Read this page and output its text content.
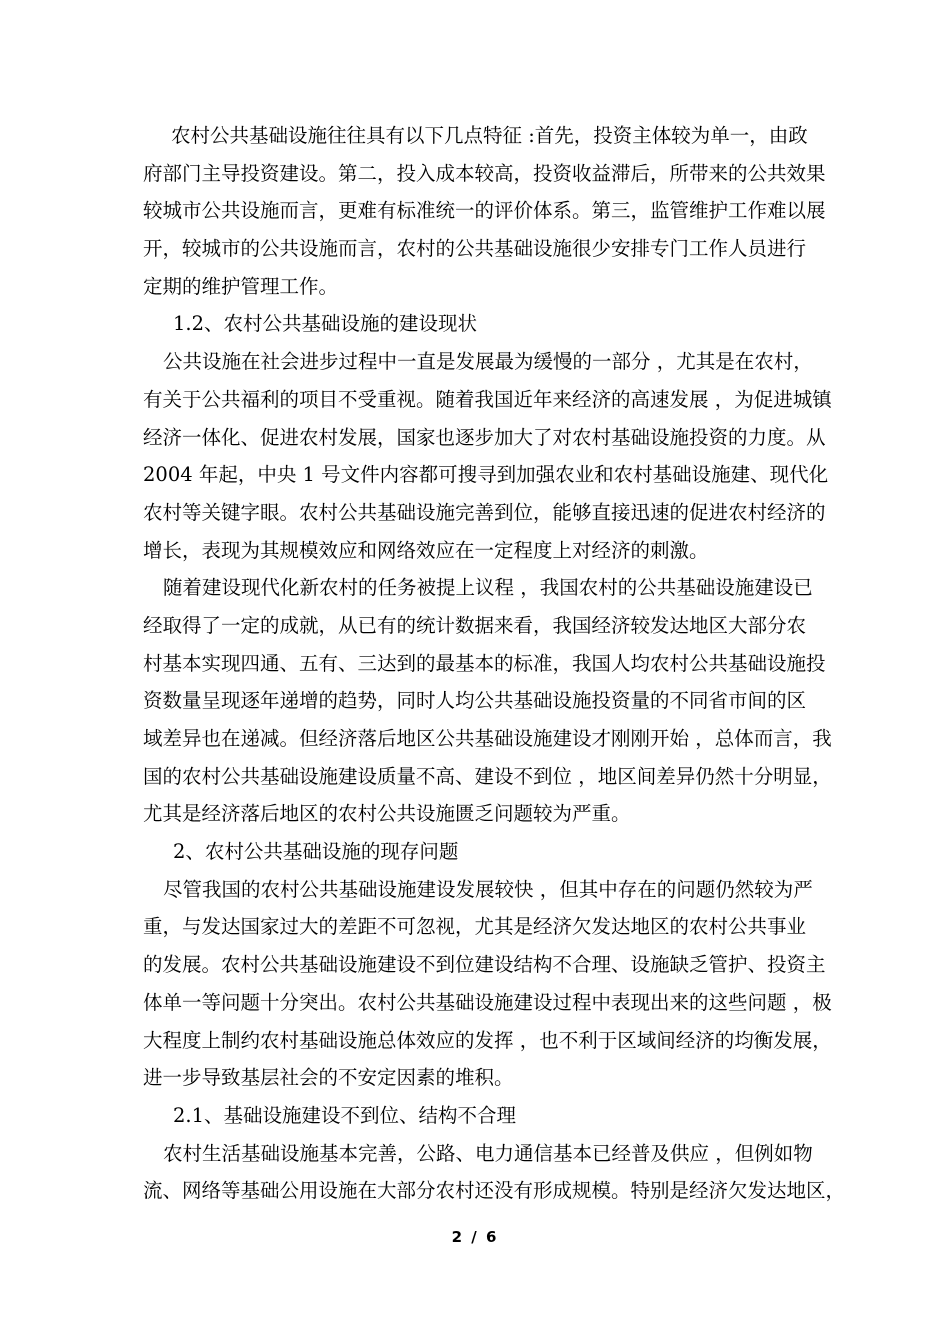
农村公共基础设施往往具有以下几点特征 :首先，投资主体较为单一，由政
府部门主导投资建设。第二，投入成本较高，投资收益滞后，所带来的公共效果
较城市公共设施而言，更难有标准统一的评价体系。第三，监管维护工作难以展
开，较城市的公共设施而言，农村的公共基础设施很少安排专门工作人员进行
定期的维护管理工作。
1.2、农村公共基础设施的建设现状
公共设施在社会进步过程中一直是发展最为缓慢的一部分 ，尤其是在农村，
有关于公共福利的项目不受重视。随着我国近年来经济的高速发展 ，为促进城镇
经济一体化、促进农村发展，国家也逐步加大了对农村基础设施投资的力度。从
2004 年起，中央 1 号文件内容都可搜寻到加强农业和农村基础设施建、现代化
农村等关键字眼。农村公共基础设施完善到位，能够直接迅速的促进农村经济的
增长，表现为其规模效应和网络效应在一定程度上对经济的刺激。
随着建设现代化新农村的任务被提上议程 ，我国农村的公共基础设施建设已
经取得了一定的成就，从已有的统计数据来看，我国经济较发达地区大部分农
村基本实现四通、五有、三达到的最基本的标准，我国人均农村公共基础设施投
资数量呈现逐年递增的趋势，同时人均公共基础设施投资量的不同省市间的区
域差异也在递减。但经济落后地区公共基础设施建设才刚刚开始 ，总体而言，我
国的农村公共基础设施建设质量不高、建设不到位 ，地区间差异仍然十分明显，
尤其是经济落后地区的农村公共设施匮乏问题较为严重。
2、农村公共基础设施的现存问题
尽管我国的农村公共基础设施建设发展较快 ，但其中存在的问题仍然较为严
重，与发达国家过大的差距不可忽视，尤其是经济欠发达地区的农村公共事业
的发展。农村公共基础设施建设不到位建设结构不合理、设施缺乏管护、投资主
体单一等问题十分突出。农村公共基础设施建设过程中表现出来的这些问题 ，极
大程度上制约农村基础设施总体效应的发挥 ，也不利于区域间经济的均衡发展，
进一步导致基层社会的不安定因素的堆积。
2.1、基础设施建设不到位、结构不合理
农村生活基础设施基本完善，公路、电力通信基本已经普及供应 ，但例如物
流、网络等基础公用设施在大部分农村还没有形成规模。特别是经济欠发达地区，
2 / 6
